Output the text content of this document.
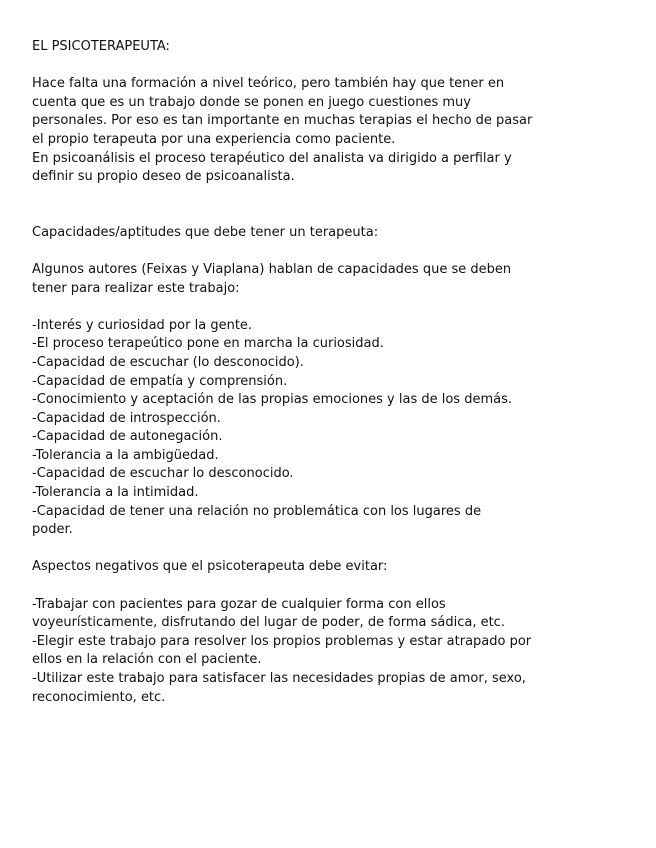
EL PSICOTERAPEUTA:

Hace falta una formación a nivel teórico, pero también hay que tener en

cuenta que es un trabajo donde se ponen en juego cuestiones muy

personales. Por eso es tan importante en muchas terapias el hecho de pasar

el propio terapeuta por una experiencia como paciente.

En psicoanálisis el proceso terapéutico del analista va dirigido a perfilar y

definir su propio deseo de psicoanalista.

Capacidades/aptitudes que debe tener un terapeuta:

Algunos autores (Feixas y Viaplana) hablan de capacidades que se deben

tener para realizar este trabajo:

-Interés y curiosidad por la gente.

-El proceso terapeútico pone en marcha la curiosidad.

-Capacidad de escuchar (lo desconocido).

-Capacidad de empatía y comprensión.

-Conocimiento y aceptación de las propias emociones y las de los demás.

-Capacidad de introspección.

-Capacidad de autonegación.

-Tolerancia a la ambigüedad.

-Capacidad de escuchar lo desconocido.

-Tolerancia a la intimidad.

-Capacidad de tener una relación no problemática con los lugares de

poder.

Aspectos negativos que el psicoterapeuta debe evitar:

-Trabajar con pacientes para gozar de cualquier forma con ellos

voyeurísticamente, disfrutando del lugar de poder, de forma sádica, etc.

-Elegir este trabajo para resolver los propios problemas y estar atrapado por

ellos en la relación con el paciente.

-Utilizar este trabajo para satisfacer las necesidades propias de amor, sexo,

reconocimiento, etc.
